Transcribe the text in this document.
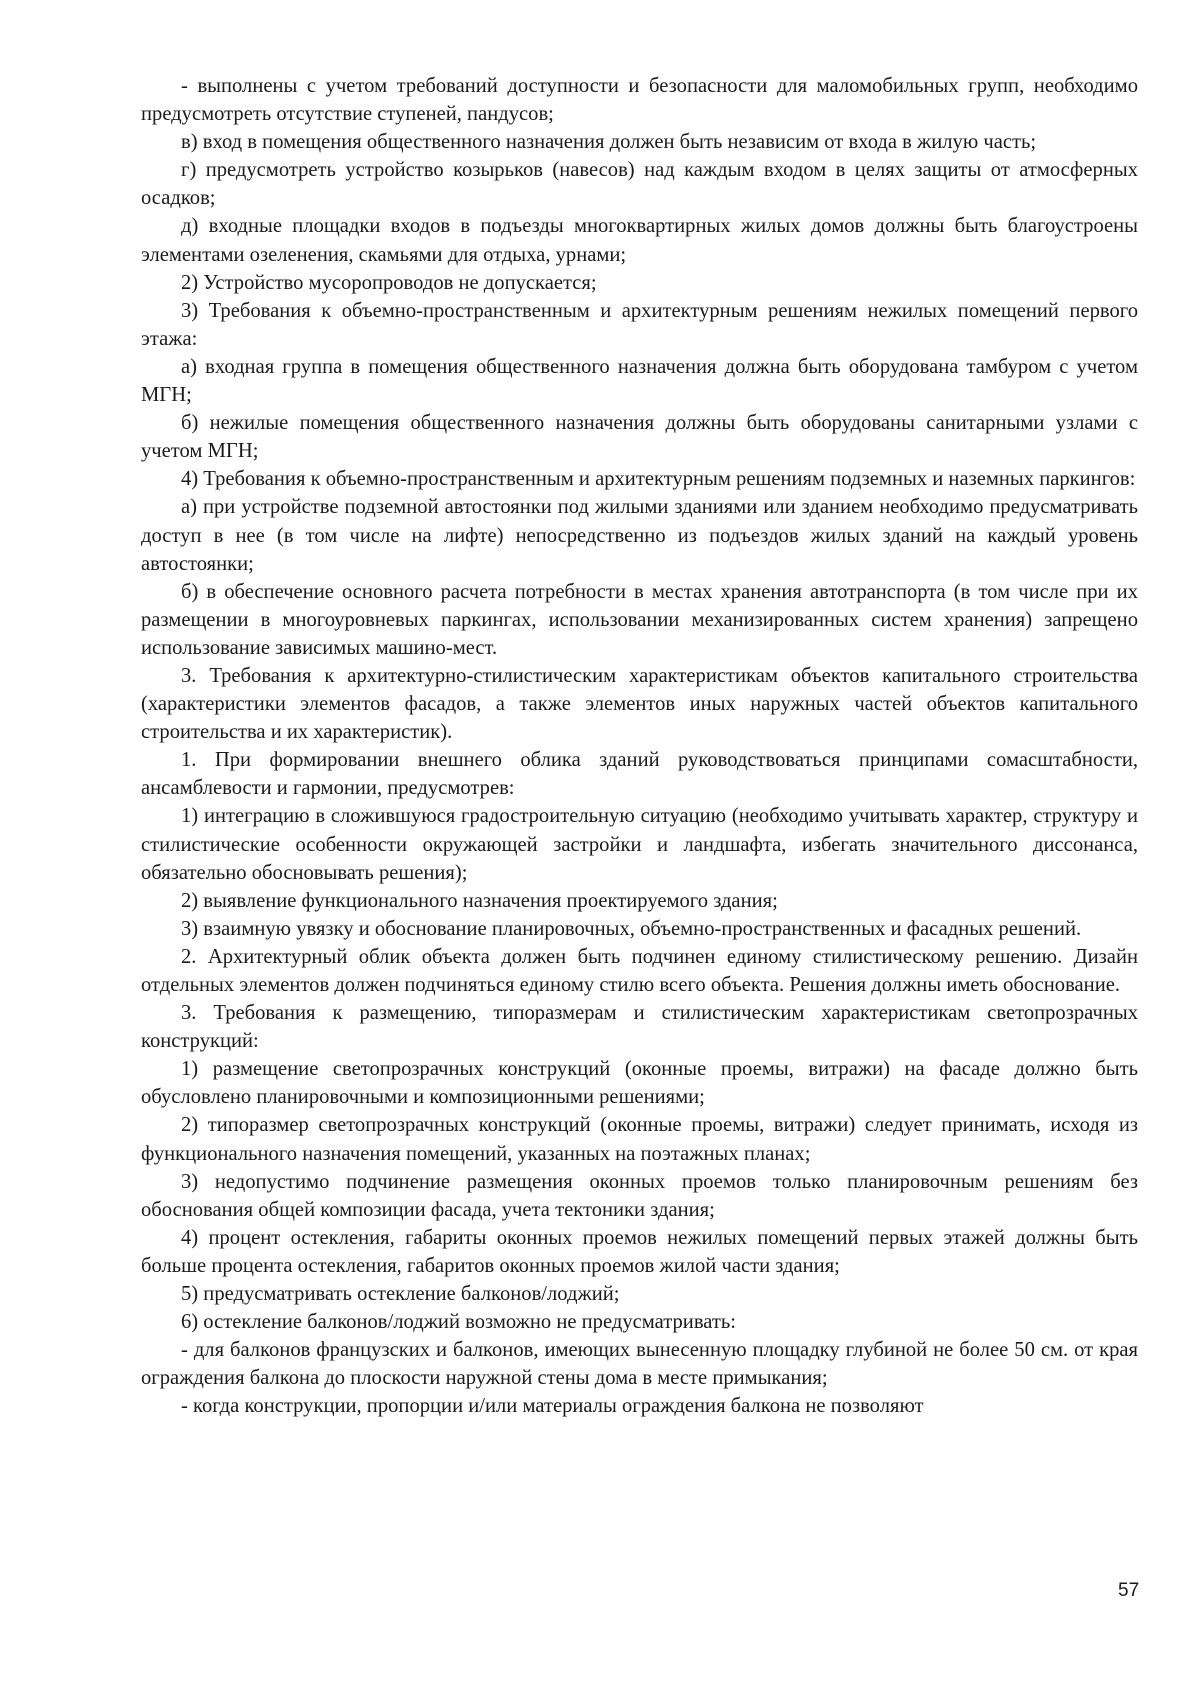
- выполнены с учетом требований доступности и безопасности для маломобильных групп, необходимо предусмотреть отсутствие ступеней, пандусов;

в) вход в помещения общественного назначения должен быть независим от входа в жилую часть;

г) предусмотреть устройство козырьков (навесов) над каждым входом в целях защиты от атмосферных осадков;

д) входные площадки входов в подъезды многоквартирных жилых домов должны быть благоустроены элементами озеленения, скамьями для отдыха, урнами;

2) Устройство мусоропроводов не допускается;

3) Требования к объемно-пространственным и архитектурным решениям нежилых помещений первого этажа:

а) входная группа в помещения общественного назначения должна быть оборудована тамбуром с учетом МГН;

б) нежилые помещения общественного назначения должны быть оборудованы санитарными узлами с учетом МГН;

4) Требования к объемно-пространственным и архитектурным решениям подземных и наземных паркингов:

а) при устройстве подземной автостоянки под жилыми зданиями или зданием необходимо предусматривать доступ в нее (в том числе на лифте) непосредственно из подъездов жилых зданий на каждый уровень автостоянки;

б) в обеспечение основного расчета потребности в местах хранения автотранспорта (в том числе при их размещении в многоуровневых паркингах, использовании механизированных систем хранения) запрещено использование зависимых машино-мест.

3. Требования к архитектурно-стилистическим характеристикам объектов капитального строительства (характеристики элементов фасадов, а также элементов иных наружных частей объектов капитального строительства и их характеристик).

1. При формировании внешнего облика зданий руководствоваться принципами сомасштабности, ансамблевости и гармонии, предусмотрев:

1) интеграцию в сложившуюся градостроительную ситуацию (необходимо учитывать характер, структуру и стилистические особенности окружающей застройки и ландшафта, избегать значительного диссонанса, обязательно обосновывать решения);

2) выявление функционального назначения проектируемого здания;

3) взаимную увязку и обоснование планировочных, объемно-пространственных и фасадных решений.

2. Архитектурный облик объекта должен быть подчинен единому стилистическому решению. Дизайн отдельных элементов должен подчиняться единому стилю всего объекта. Решения должны иметь обоснование.

3. Требования к размещению, типоразмерам и стилистическим характеристикам светопрозрачных конструкций:

1) размещение светопрозрачных конструкций (оконные проемы, витражи) на фасаде должно быть обусловлено планировочными и композиционными решениями;

2) типоразмер светопрозрачных конструкций (оконные проемы, витражи) следует принимать, исходя из функционального назначения помещений, указанных на поэтажных планах;

3) недопустимо подчинение размещения оконных проемов только планировочным решениям без обоснования общей композиции фасада, учета тектоники здания;

4) процент остекления, габариты оконных проемов нежилых помещений первых этажей должны быть больше процента остекления, габаритов оконных проемов жилой части здания;

5) предусматривать остекление балконов/лоджий;

6) остекление балконов/лоджий возможно не предусматривать:

- для балконов французских и балконов, имеющих вынесенную площадку глубиной не более 50 см. от края ограждения балкона до плоскости наружной стены дома в месте примыкания;

- когда конструкции, пропорции и/или материалы ограждения балкона не позволяют

57
